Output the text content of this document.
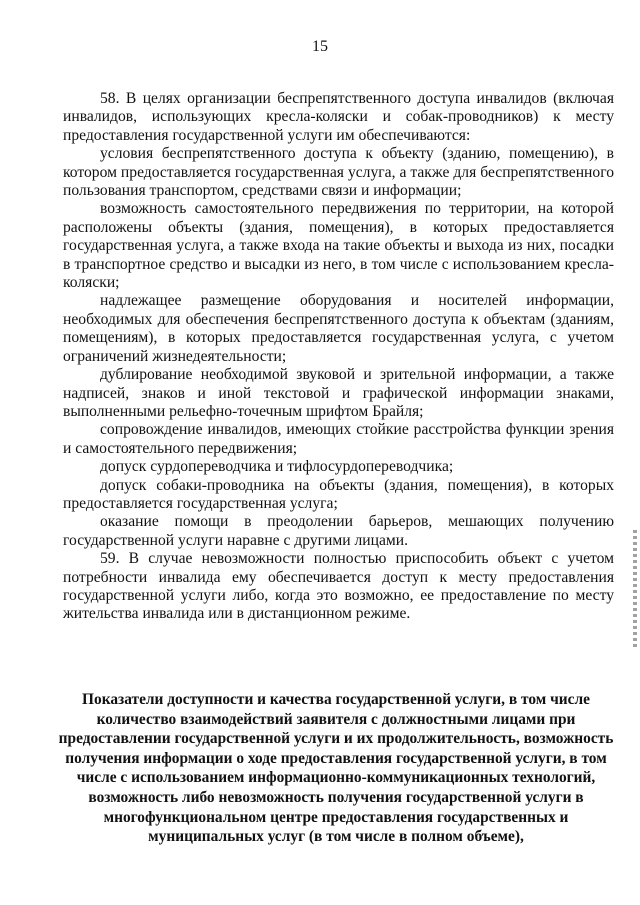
15

58. В целях организации беспрепятственного доступа инвалидов (включая инвалидов, использующих кресла-коляски и собак-проводников) к месту предоставления государственной услуги им обеспечиваются:

условия беспрепятственного доступа к объекту (зданию, помещению), в котором предоставляется государственная услуга, а также для беспрепятственного пользования транспортом, средствами связи и информации;

возможность самостоятельного передвижения по территории, на которой расположены объекты (здания, помещения), в которых предоставляется государственная услуга, а также входа на такие объекты и выхода из них, посадки в транспортное средство и высадки из него, в том числе с использованием кресла-коляски;

надлежащее размещение оборудования и носителей информации, необходимых для обеспечения беспрепятственного доступа к объектам (зданиям, помещениям), в которых предоставляется государственная услуга, с учетом ограничений жизнедеятельности;

дублирование необходимой звуковой и зрительной информации, а также надписей, знаков и иной текстовой и графической информации знаками, выполненными рельефно-точечным шрифтом Брайля;

сопровождение инвалидов, имеющих стойкие расстройства функции зрения и самостоятельного передвижения;

допуск сурдопереводчика и тифлосурдопереводчика;

допуск собаки-проводника на объекты (здания, помещения), в которых предоставляется государственная услуга;

оказание помощи в преодолении барьеров, мешающих получению государственной услуги наравне с другими лицами.

59. В случае невозможности полностью приспособить объект с учетом потребности инвалида ему обеспечивается доступ к месту предоставления государственной услуги либо, когда это возможно, ее предоставление по месту жительства инвалида или в дистанционном режиме.

Показатели доступности и качества государственной услуги, в том числе количество взаимодействий заявителя с должностными лицами при предоставлении государственной услуги и их продолжительность, возможность получения информации о ходе предоставления государственной услуги, в том числе с использованием информационно-коммуникационных технологий, возможность либо невозможность получения государственной услуги в многофункциональном центре предоставления государственных и муниципальных услуг (в том числе в полном объеме),
